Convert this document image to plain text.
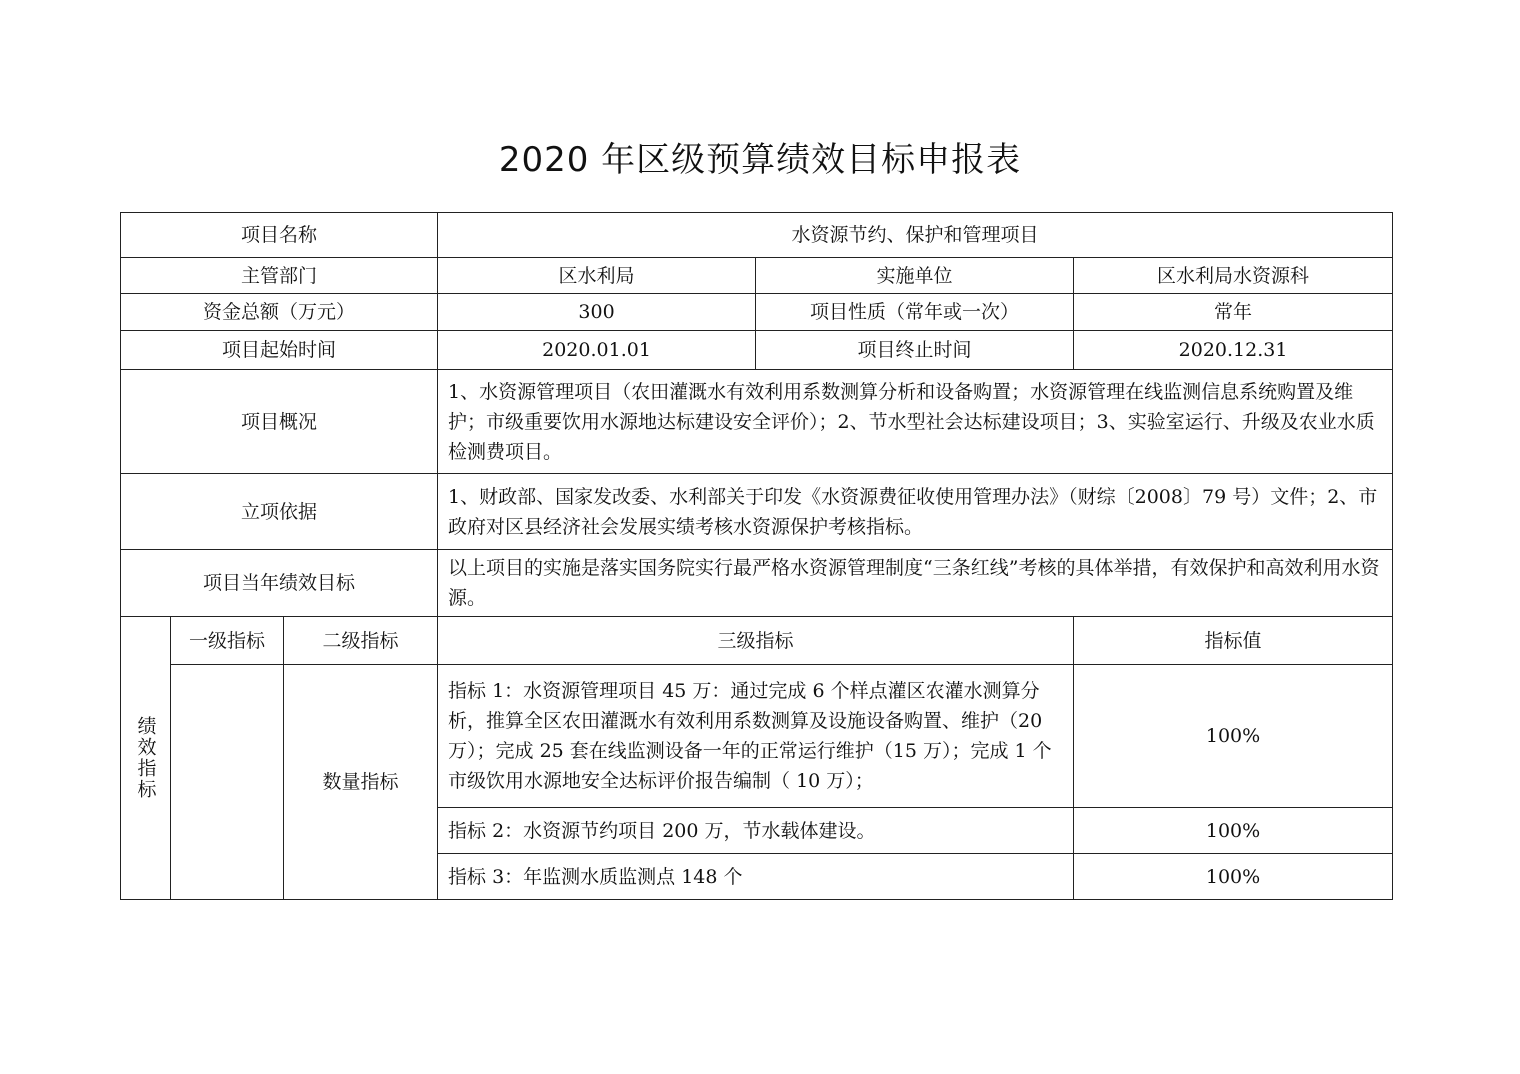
2020 年区级预算绩效目标申报表
项目名称			水资源节约、保护和管理项目		
主管部门			区水利局	实施单位	区水利局水资源科
资金总额（万元）			300	项目性质（常年或一次）	常年
项目起始时间			2020.01.01	项目终止时间	2020.12.31
项目概况			1、水资源管理项目（农田灌溉水有效利用系数测算分析和设备购置；水资源管理在线监测信息系统购置及维护；市级重要饮用水源地达标建设安全评价）；2、节水型社会达标建设项目；3、实验室运行、升级及农业水质检测费项目。		
立项依据			1、财政部、国家发改委、水利部关于印发《水资源费征收使用管理办法》（财综〔2008〕79 号）文件；2、市政府对区县经济社会发展实绩考核水资源保护考核指标。		
项目当年绩效目标			以上项目的实施是落实国务院实行最严格水资源管理制度“三条红线”考核的具体举措，有效保护和高效利用水资源。		
绩效指标	一级指标	二级指标	三级指标		指标值
		数量指标	指标 1：水资源管理项目 45 万：通过完成 6 个样点灌区农灌水测算分析，推算全区农田灌溉水有效利用系数测算及设施设备购置、维护（20 万）；完成 25 套在线监测设备一年的正常运行维护（15 万）；完成 1 个市级饮用水源地安全达标评价报告编制（ 10 万）；		100%
			指标 2：水资源节约项目 200 万，节水载体建设。		100%
			指标 3：年监测水质监测点 148 个		100%
